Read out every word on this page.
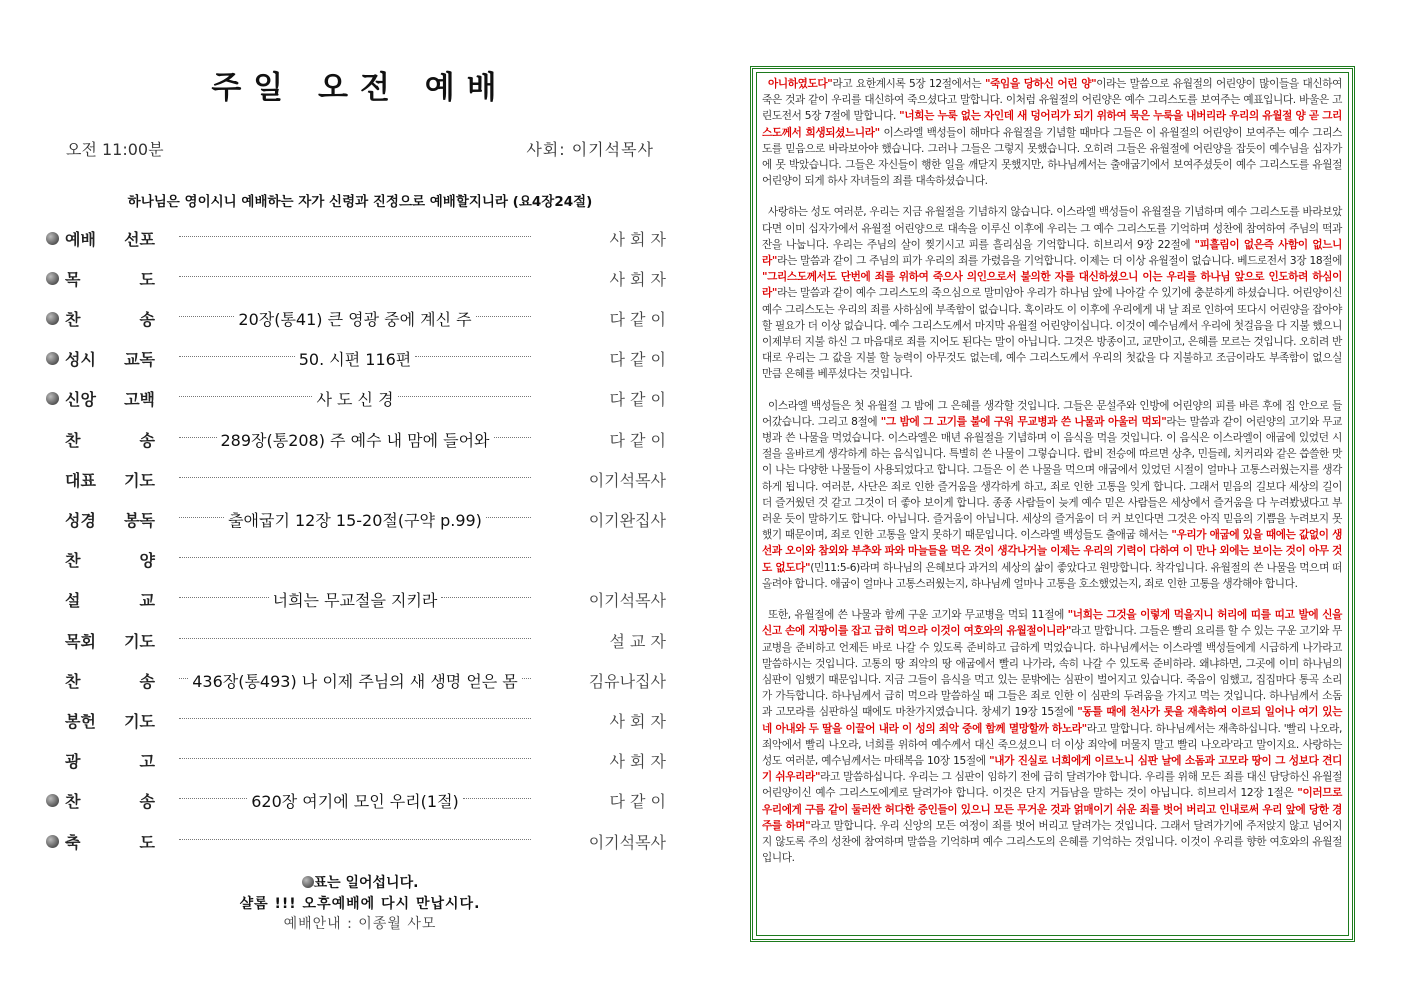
주일 오전 예배
오전 11:00분	사회: 이기석목사
하나님은 영이시니 예배하는 자가 신령과 진정으로 예배할지니라 (요4장24절)
예배 선포	사 회 자
목	도	사 회 자
찬	송	20장(통41) 큰 영광 중에 계신 주	다 같 이
성시 교독	50. 시편 116편	다 같 이
신앙 고백	사 도 신 경	다 같 이
찬	송	289장(통208) 주 예수 내 맘에 들어와	다 같 이
대표 기도	이기석목사
성경 봉독	출애굽기 12장 15-20절(구약 p.99)	이기완집사
찬	양
설	교	너희는 무교절을 지키라	이기석목사
목회 기도	설 교 자
찬	송 436장(통493) 나 이제 주님의 새 생명 얻은 몸	김유나집사
봉헌 기도	사 회 자
광	고	사 회 자
찬	송	620장 여기에 모인 우리(1절)	다 같 이
축	도	이기석목사
표는 일어섭니다.
샬롬 !!! 오후예배에 다시 만납시다.
예배안내 : 이종월 사모

아니하였도다"라고 요한계시록 5장 12절에서는 "죽임을 당하신 어린 양"이라는 말씀으로 유월절의 어린양이 많이들을 대신하여 죽은 것과 같이 우리를 대신하여 죽으셨다고 말합니다. 이처럼 유월절의 어린양은 예수 그리스도를 보여주는 예표입니다. 바울은 고린도전서 5장 7절에 말합니다. "너희는 누룩 없는 자인데 새 덩어리가 되기 위하여 묵은 누룩을 내버리라 우리의 유월절 양 곧 그리스도께서 희생되셨느니라" 이스라엘 백성들이 해마다 유월절을 기념할 때마다 그들은 이 유월절의 어린양이 보여주는 예수 그리스도를 믿음으로 바라보아야 했습니다. 그러나 그들은 그렇지 못했습니다. 오히려 그들은 유월절에 어린양을 잡듯이 예수님을 십자가에 못 박았습니다. 그들은 자신들이 행한 일을 깨닫지 못했지만, 하나님께서는 출애굽기에서 보여주셨듯이 예수 그리스도를 유월절 어린양이 되게 하사 자녀들의 죄를 대속하셨습니다.

사랑하는 성도 여러분, 우리는 지금 유월절을 기념하지 않습니다. 이스라엘 백성들이 유월절을 기념하며 예수 그리스도를 바라보았다면 이미 십자가에서 유월절 어린양으로 대속을 이루신 이후에 우리는 그 예수 그리스도를 기억하며 성찬에 참여하여 주님의 떡과 잔을 나눕니다. 우리는 주님의 살이 찢기시고 피를 흘리심을 기억합니다. 히브리서 9장 22절에 "피흘림이 없은즉 사함이 없느니라"라는 말씀과 같이 그 주님의 피가 우리의 죄를 가렸음을 기억합니다. 이제는 더 이상 유월절이 없습니다. 베드로전서 3장 18절에 "그리스도께서도 단번에 죄를 위하여 죽으사 의인으로서 불의한 자를 대신하셨으니 이는 우리를 하나님 앞으로 인도하려 하심이라"라는 말씀과 같이 예수 그리스도의 죽으심으로 말미암아 우리가 하나님 앞에 나아갈 수 있기에 충분하게 하셨습니다. 어린양이신 예수 그리스도는 우리의 죄를 사하심에 부족함이 없습니다. 혹이라도 이 이후에 우리에게 내 날 죄로 인하여 또다시 어린양을 잡아야 할 필요가 더 이상 없습니다. 예수 그리스도께서 마지막 유월절 어린양이십니다. 이것이 예수님께서 우리에 첫걸음을 다 지불 했으니 이제부터 지불 하신 그 마음대로 죄를 지어도 된다는 말이 아닙니다. 그것은 방종이고, 교만이고, 은혜를 모르는 것입니다. 오히려 반대로 우리는 그 값을 지불 할 능력이 아무것도 없는데, 예수 그리스도께서 우리의 첫값을 다 지불하고 조금이라도 부족함이 없으실 만큼 은혜를 베푸셨다는 것입니다.

이스라엘 백성들은 첫 유월절 그 밤에 그 은혜를 생각할 것입니다. 그들은 문설주와 인방에 어린양의 피를 바른 후에 집 안으로 들어갔습니다. 그리고 8절에 "그 밤에 그 고기를 불에 구워 무교병과 쓴 나물과 아울러 먹되"라는 말씀과 같이 어린양의 고기와 무교병과 쓴 나물을 먹었습니다. 이스라엘은 매년 유월절을 기념하며 이 음식을 먹을 것입니다. 이 음식은 이스라엘이 애굽에 있었던 시절을 올바르게 생각하게 하는 음식입니다. 특별히 쓴 나물이 그렇습니다. 랍비 전승에 따르면 상추, 민들레, 치커리와 같은 씁쓸한 맛이 나는 다양한 나물들이 사용되었다고 합니다. 그들은 이 쓴 나물을 먹으며 애굽에서 있었던 시절이 얼마나 고통스러웠는지를 생각하게 됩니다. 여러분, 사단은 죄로 인한 즐거움을 생각하게 하고, 죄로 인한 고통을 잊게 합니다. 그래서 믿음의 길보다 세상의 길이 더 즐거웠던 것 같고 그것이 더 좋아 보이게 합니다. 종종 사람들이 늦게 예수 믿은 사람들은 세상에서 즐거움을 다 누려봤냈다고 부러운 듯이 말하기도 합니다. 아닙니다. 즐거움이 아닙니다. 세상의 즐거움이 더 커 보인다면 그것은 아직 믿음의 기쁨을 누려보지 못했기 때문이며, 죄로 인한 고통을 알지 못하기 때문입니다. 이스라엘 백성들도 출애굽 해서는 "우리가 애굽에 있을 때에는 값없이 생선과 오이와 참외와 부추와 파와 마늘들을 먹은 것이 생각나거늘 이제는 우리의 기력이 다하여 이 만나 외에는 보이는 것이 아무 것도 없도다"(민11:5-6)라며 하나님의 은혜보다 과거의 세상의 삶이 좋았다고 원망합니다. 착각입니다. 유월절의 쓴 나물을 먹으며 떠올려야 합니다. 애굽이 얼마나 고통스러웠는지, 하나님께 얼마나 고통을 호소했었는지, 죄로 인한 고통을 생각해야 합니다.

또한, 유월절에 쓴 나물과 함께 구운 고기와 무교병을 먹되 11절에 "너희는 그것을 이렇게 먹을지니 허리에 띠를 띠고 발에 신을 신고 손에 지팡이를 잡고 급히 먹으라 이것이 여호와의 유월절이니라"라고 말합니다. 그들은 빨리 요리를 할 수 있는 구운 고기와 무교병을 준비하고 언제든 바로 나갈 수 있도록 준비하고 급하게 먹었습니다. 하나님께서는 이스라엘 백성들에게 시급하게 나가라고 말씀하시는 것입니다. 고통의 땅 죄악의 땅 애굽에서 빨리 나가라, 속히 나갈 수 있도록 준비하라. 왜냐하면, 그곳에 이미 하나님의 심판이 임했기 때문입니다. 지금 그들이 음식을 먹고 있는 문밖에는 심판이 벌어지고 있습니다. 죽음이 임했고, 집집마다 통곡 소리가 가득합니다. 하나님께서 급히 먹으라 말씀하실 때 그들은 죄로 인한 이 심판의 두려움을 가지고 먹는 것입니다. 하나님께서 소돔과 고모라를 심판하실 때에도 마찬가지였습니다. 창세기 19장 15절에 "동틀 때에 천사가 롯을 재촉하여 이르되 일어나 여기 있는 네 아내와 두 딸을 이끌어 내라 이 성의 죄악 중에 함께 멸망할까 하노라"라고 말합니다. 하나님께서는 재촉하십니다. '빨리 나오라, 죄악에서 빨리 나오라, 너희를 위하여 예수께서 대신 죽으셨으니 더 이상 죄악에 머물지 말고 빨리 나오라'라고 말이지요. 사랑하는 성도 여러분, 예수님께서는 마태복음 10장 15절에 "내가 진실로 너희에게 이르노니 심판 날에 소돔과 고모라 땅이 그 성보다 견디기 쉬우리라"라고 말씀하십니다. 우리는 그 심판이 임하기 전에 급히 달려가야 합니다. 우리를 위해 모든 죄를 대신 담당하신 유월절 어린양이신 예수 그리스도에게로 달려가야 합니다. 이것은 단지 거듭남을 말하는 것이 아닙니다. 히브리서 12장 1절은 "이러므로 우리에게 구름 같이 둘러싼 허다한 증인들이 있으니 모든 무거운 것과 얽매이기 쉬운 죄를 벗어 버리고 인내로써 우리 앞에 당한 경주를 하며"라고 말합니다. 우리 신앙의 모든 여정이 죄를 벗어 버리고 달려가는 것입니다. 그래서 달려가기에 주저앉지 않고 넘어지지 않도록 주의 성찬에 참여하며 말씀을 기억하며 예수 그리스도의 은혜를 기억하는 것입니다. 이것이 우리를 향한 여호와의 유월절입니다.
